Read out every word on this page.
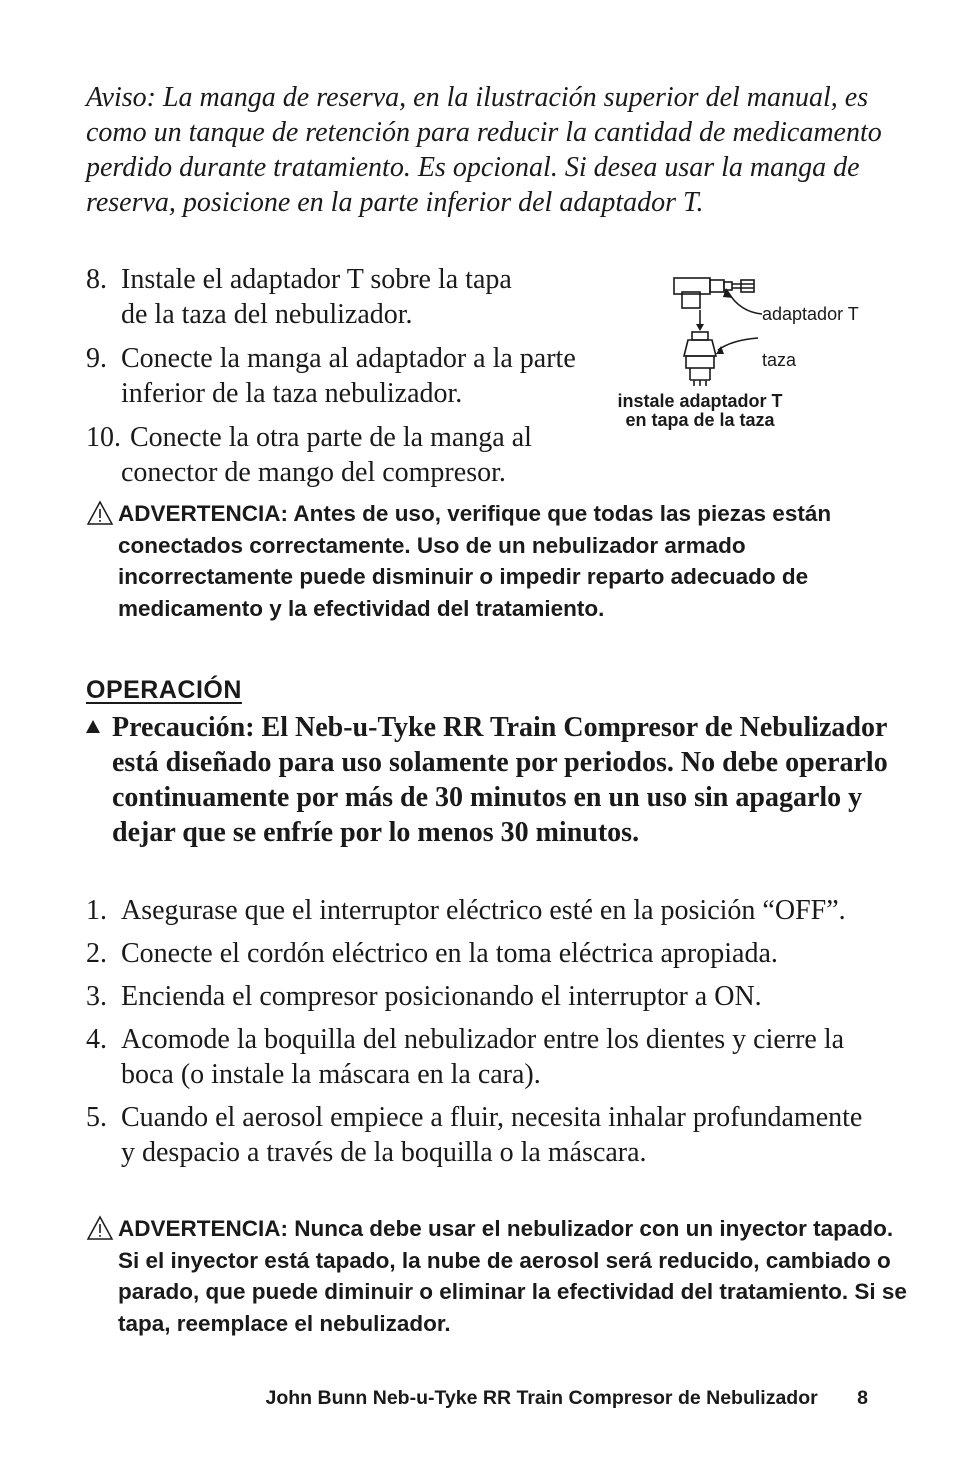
Aviso: La manga de reserva, en la ilustración superior del manual, es como un tanque de retención para reducir la cantidad de medicamento perdido durante tratamiento. Es opcional. Si desea usar la manga de reserva, posicione en la parte inferior del adaptador T.

8. Instale el adaptador T sobre la tapa de la taza del nebulizador.
9. Conecte la manga al adaptador a la parte inferior de la taza nebulizador.
10. Conecte la otra parte de la manga al conector de mango del compresor.
adaptador T
taza
instale adaptador T
en tapa de la taza
ADVERTENCIA: Antes de uso, verifique que todas las piezas están conectados correctamente. Uso de un nebulizador armado incorrectamente puede disminuir o impedir reparto adecuado de medicamento y la efectividad del tratamiento.
OPERACIÓN
Precaución: El Neb-u-Tyke RR Train Compresor de Nebulizador está diseñado para uso solamente por periodos. No debe operarlo continuamente por más de 30 minutos en un uso sin apagarlo y dejar que se enfríe por lo menos 30 minutos.
1. Asegurase que el interruptor eléctrico esté en la posición “OFF”.
2. Conecte el cordón eléctrico en la toma eléctrica apropiada.
3. Encienda el compresor posicionando el interruptor a ON.
4. Acomode la boquilla del nebulizador entre los dientes y cierre la boca (o instale la máscara en la cara).
5. Cuando el aerosol empiece a fluir, necesita inhalar profundamente y despacio a través de la boquilla o la máscara.
ADVERTENCIA: Nunca debe usar el nebulizador con un inyector tapado. Si el inyector está tapado, la nube de aerosol será reducido, cambiado o parado, que puede diminuir o eliminar la efectividad del tratamiento. Si se tapa, reemplace el nebulizador.
John Bunn Neb-u-Tyke RR Train Compresor de Nebulizador 8
